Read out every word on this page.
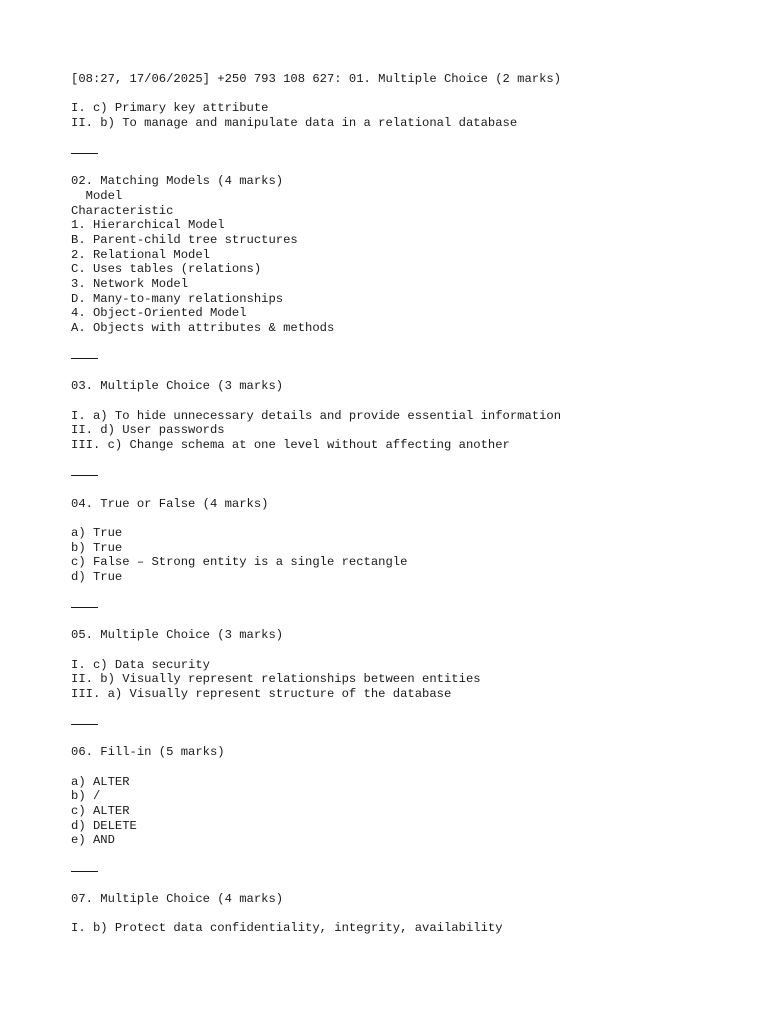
[08:27, 17/06/2025] +250 793 108 627: 01. Multiple Choice (2 marks)
I. c) Primary key attribute
II. b) To manage and manipulate data in a relational database
02. Matching Models (4 marks)
Model
Characteristic
1. Hierarchical Model
B. Parent-child tree structures
2. Relational Model
C. Uses tables (relations)
3. Network Model
D. Many-to-many relationships
4. Object-Oriented Model
A. Objects with attributes & methods
03. Multiple Choice (3 marks)
I. a) To hide unnecessary details and provide essential information
II. d) User passwords
III. c) Change schema at one level without affecting another
04. True or False (4 marks)
a) True
b) True
c) False – Strong entity is a single rectangle
d) True
05. Multiple Choice (3 marks)
I. c) Data security
II. b) Visually represent relationships between entities
III. a) Visually represent structure of the database
06. Fill-in (5 marks)
a) ALTER
b) /
c) ALTER
d) DELETE
e) AND
07. Multiple Choice (4 marks)
I. b) Protect data confidentiality, integrity, availability
